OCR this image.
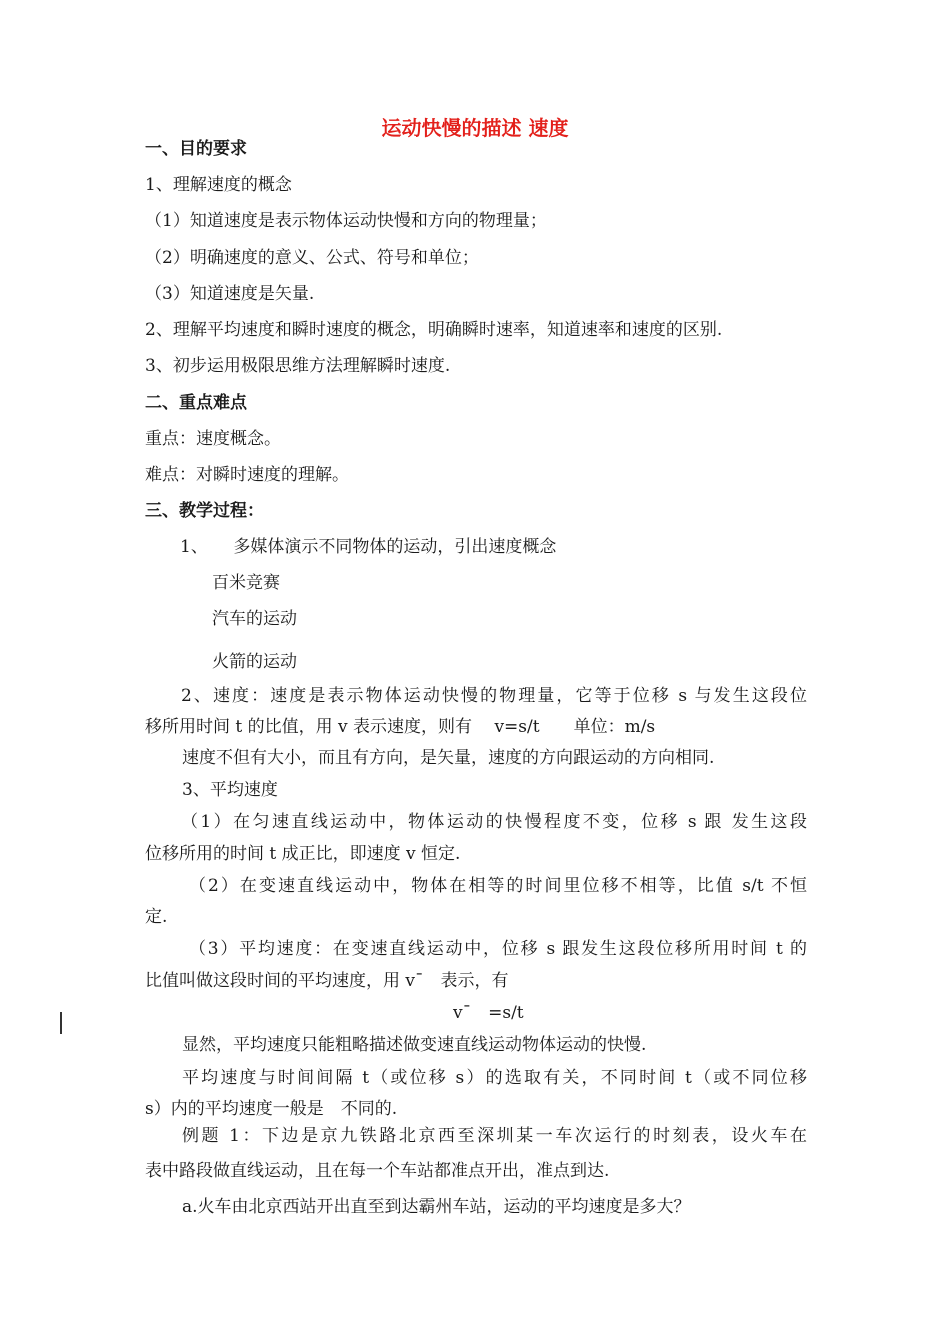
运动快慢的描述 速度

一、目的要求

1、理解速度的概念

（1）知道速度是表示物体运动快慢和方向的物理量；

（2）明确速度的意义、公式、符号和单位；

（3）知道速度是矢量.

2、理解平均速度和瞬时速度的概念，明确瞬时速率，知道速率和速度的区别.

3、初步运用极限思维方法理解瞬时速度.

二、重点难点

重点：速度概念。

难点：对瞬时速度的理解。

三、教学过程：

1、　　多媒体演示不同物体的运动，引出速度概念

百米竞赛

汽车的运动

火箭的运动

2、速度：速度是表示物体运动快慢的物理量，它等于位移 s 与发生这段位

移所用时间 t 的比值，用 v 表示速度，则有　 v=s/t　　单位：m/s

速度不但有大小，而且有方向，是矢量，速度的方向跟运动的方向相同.

3、平均速度

（1）在匀速直线运动中，物体运动的快慢程度不变，位移 s 跟 发生这段

位移所用的时间 t 成正比，即速度 v 恒定.

（2）在变速直线运动中，物体在相等的时间里位移不相等，比值 s/t 不恒

定.

（3）平均速度：在变速直线运动中，位移 s 跟发生这段位移所用时间 t 的

比值叫做这段时间的平均速度，用 v¯　表示，有

v¯　=s/t

显然，平均速度只能粗略描述做变速直线运动物体运动的快慢.

平均速度与时间间隔 t（或位移 s）的选取有关，不同时间 t（或不同位移

s）内的平均速度一般是　不同的.

例题 1：下边是京九铁路北京西至深圳某一车次运行的时刻表，设火车在

表中路段做直线运动，且在每一个车站都准点开出，准点到达.

a.火车由北京西站开出直至到达霸州车站，运动的平均速度是多大？
